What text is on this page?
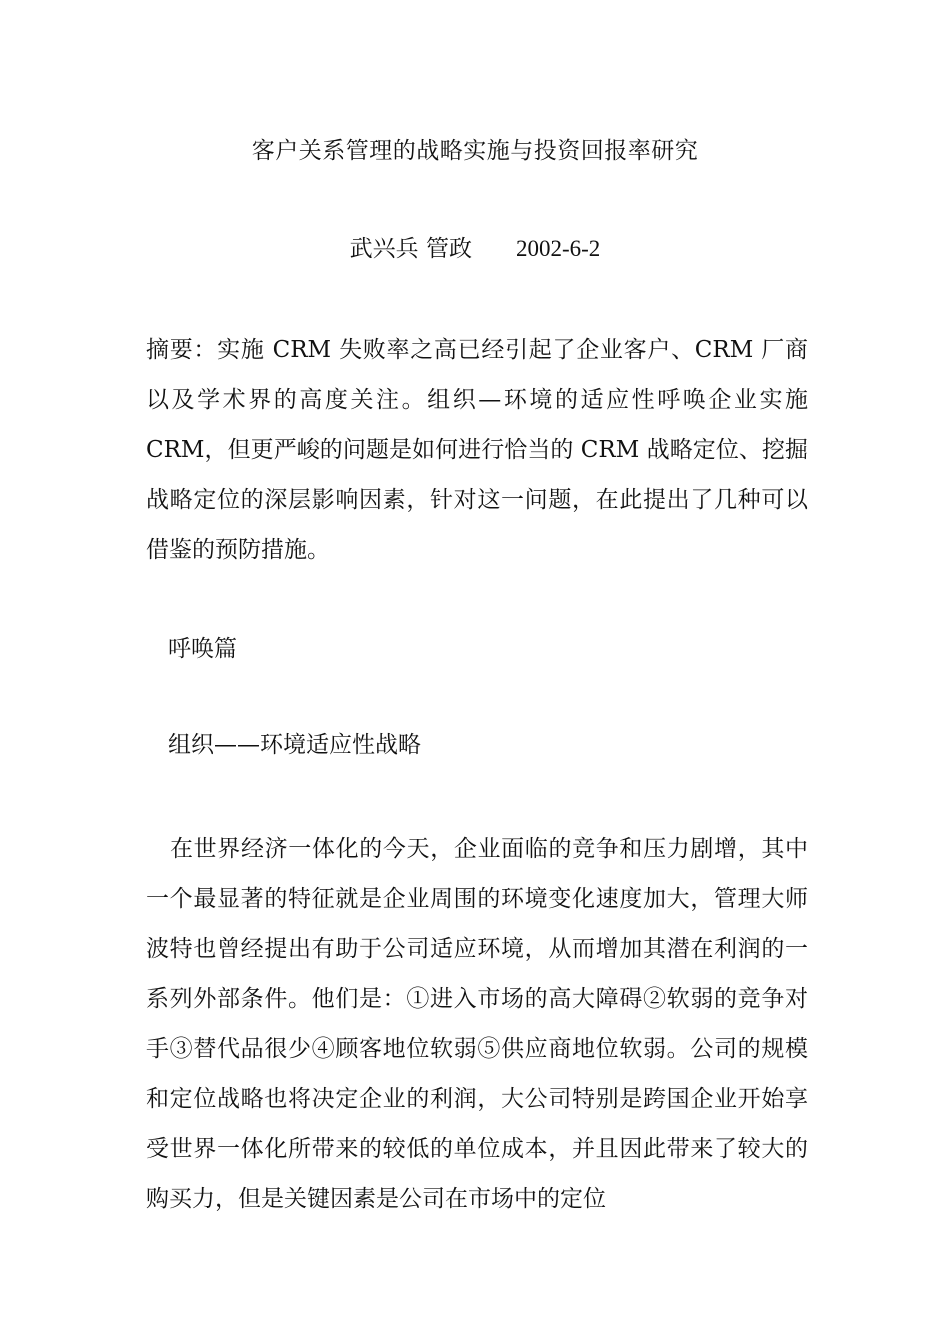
客户关系管理的战略实施与投资回报率研究
武兴兵 管政 2002-6-2
摘要：实施 CRM 失败率之高已经引起了企业客户、CRM 厂商以及学术界的高度关注。组织—环境的适应性呼唤企业实施 CRM，但更严峻的问题是如何进行恰当的 CRM 战略定位、挖掘战略定位的深层影响因素，针对这一问题，在此提出了几种可以借鉴的预防措施。
呼唤篇
组织——环境适应性战略
在世界经济一体化的今天，企业面临的竞争和压力剧增，其中一个最显著的特征就是企业周围的环境变化速度加大，管理大师波特也曾经提出有助于公司适应环境，从而增加其潜在利润的一系列外部条件。他们是：①进入市场的高大障碍②软弱的竞争对手③替代品很少④顾客地位软弱⑤供应商地位软弱。公司的规模和定位战略也将决定企业的利润，大公司特别是跨国企业开始享受世界一体化所带来的较低的单位成本，并且因此带来了较大的购买力，但是关键因素是公司在市场中的定位
